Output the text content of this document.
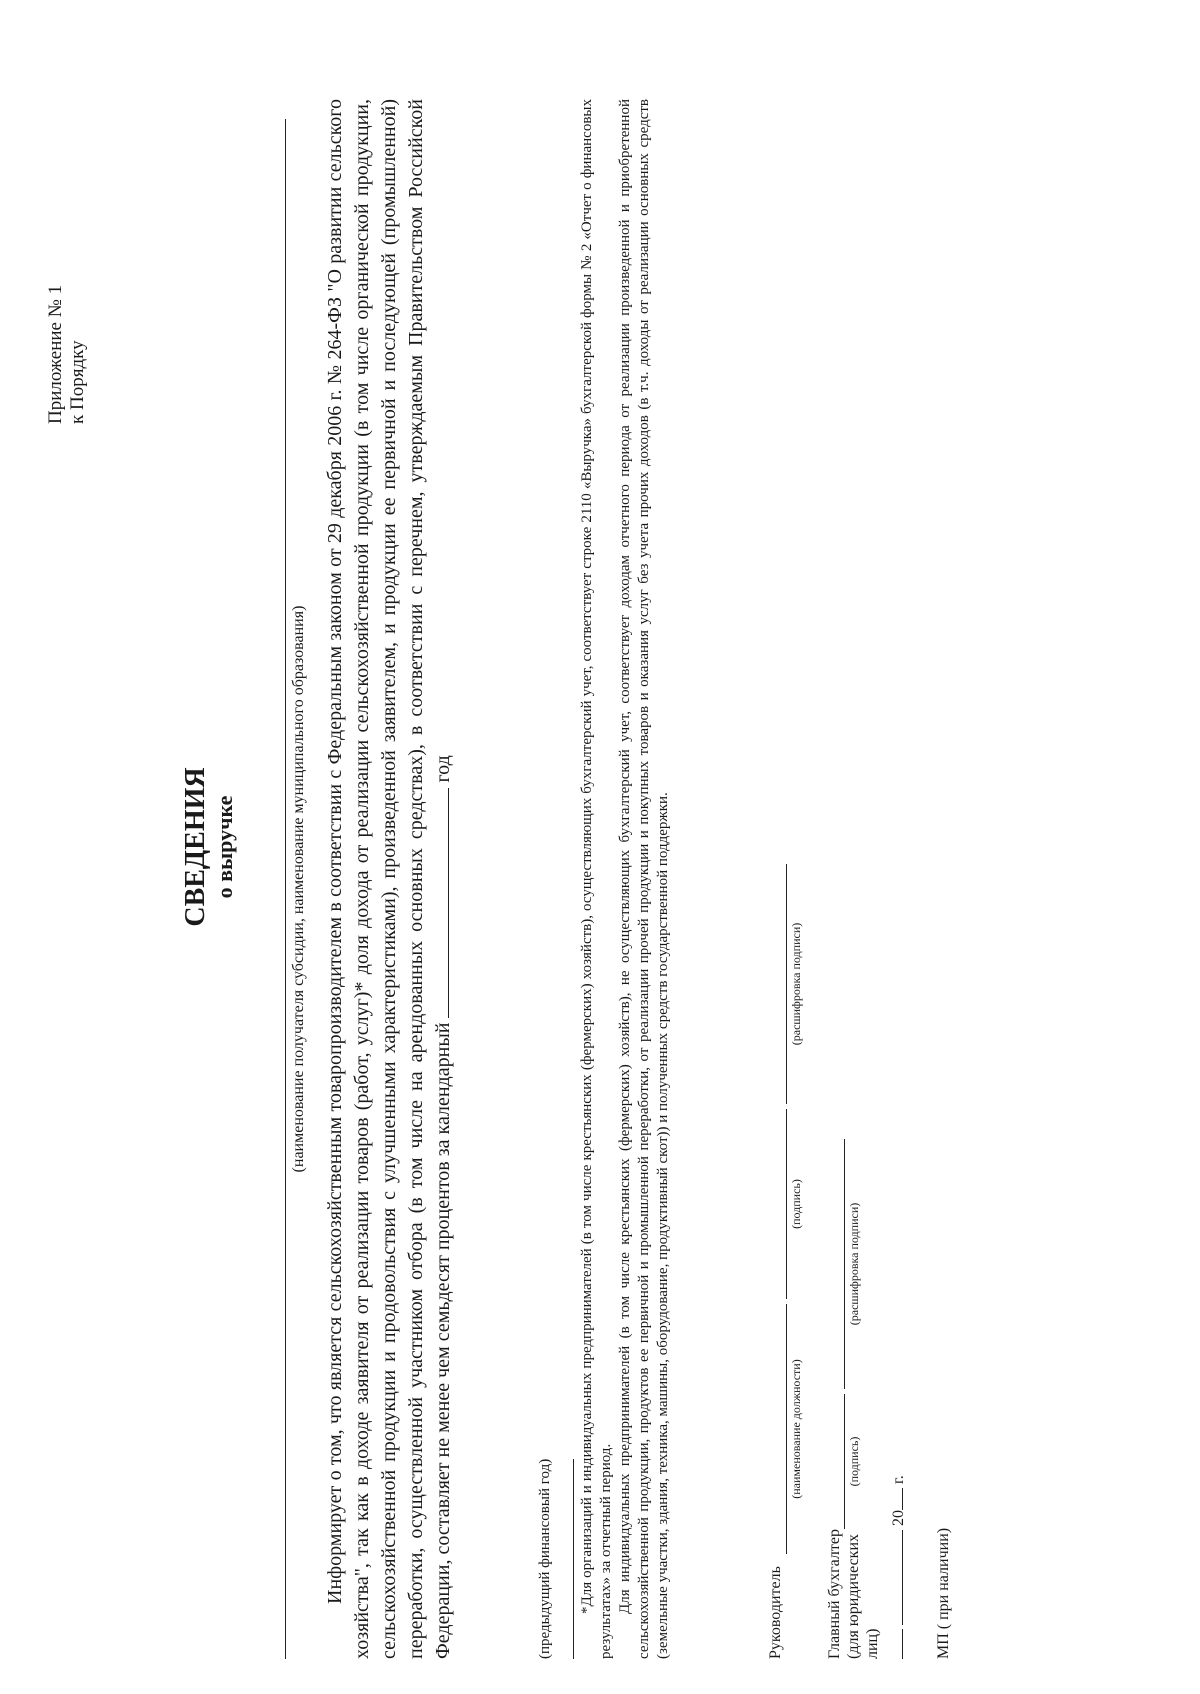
Приложение № 1 к Порядку
СВЕДЕНИЯ о выручке	(наименование получателя субсидии, наименование муниципального образования) Информирует о том, что является сельскохозяйственным товаропроизводителем в соответствии с Федеральным законом от 29 декабря 2006 г. № 264-ФЗ "О развитии сельского хозяйства", так как в доходе заявителя от реализации товаров (работ, услуг)* доля дохода от реализации сельскохозяйственной продукции (в том числе органической продукции, сельскохозяйственной продукции и продовольствия с улучшенными характеристиками), произведенной заявителем, и продукции ее первичной и последующей (промышленной) переработки, осуществленной участником отбора (в том числе на арендованных основных средствах), в соответствии с перечнем, утверждаемым Правительством Российской Федерации, составляет не менее чем семьдесят процентов за календарный  год
(предыдущий финансовый год) *Для организаций и индивидуальных предпринимателей (в том числе крестьянских (фермерских) хозяйств), осуществляющих бухгалтерский учет, соответствует строке 2110 «Выручка» бухгалтерской формы № 2 «Отчет о финансовых результатах» за отчетный период. Для индивидуальных предпринимателей (в том числе крестьянских (фермерских) хозяйств), не осуществляющих бухгалтерский учет, соответствует доходам отчетного периода от реализации произведенной и приобретенной сельскохозяйственной продукции, продуктов ее первичной и промышленной переработки, от реализации прочей продукции и покупных товаров и оказания услуг без учета прочих доходов (в т.ч. доходы от реализации основных средств (земельные участки, здания, техника, машины, оборудование, продуктивный скот)) и полученных средств государственной поддержки.	Руководитель
(наименование должности)
(подпись)
(расшифровка подписи)
Главный бухгалтер (для юридических лиц)
(подпись)
(расшифровка подписи)
20 г.
МП ( при наличии)
